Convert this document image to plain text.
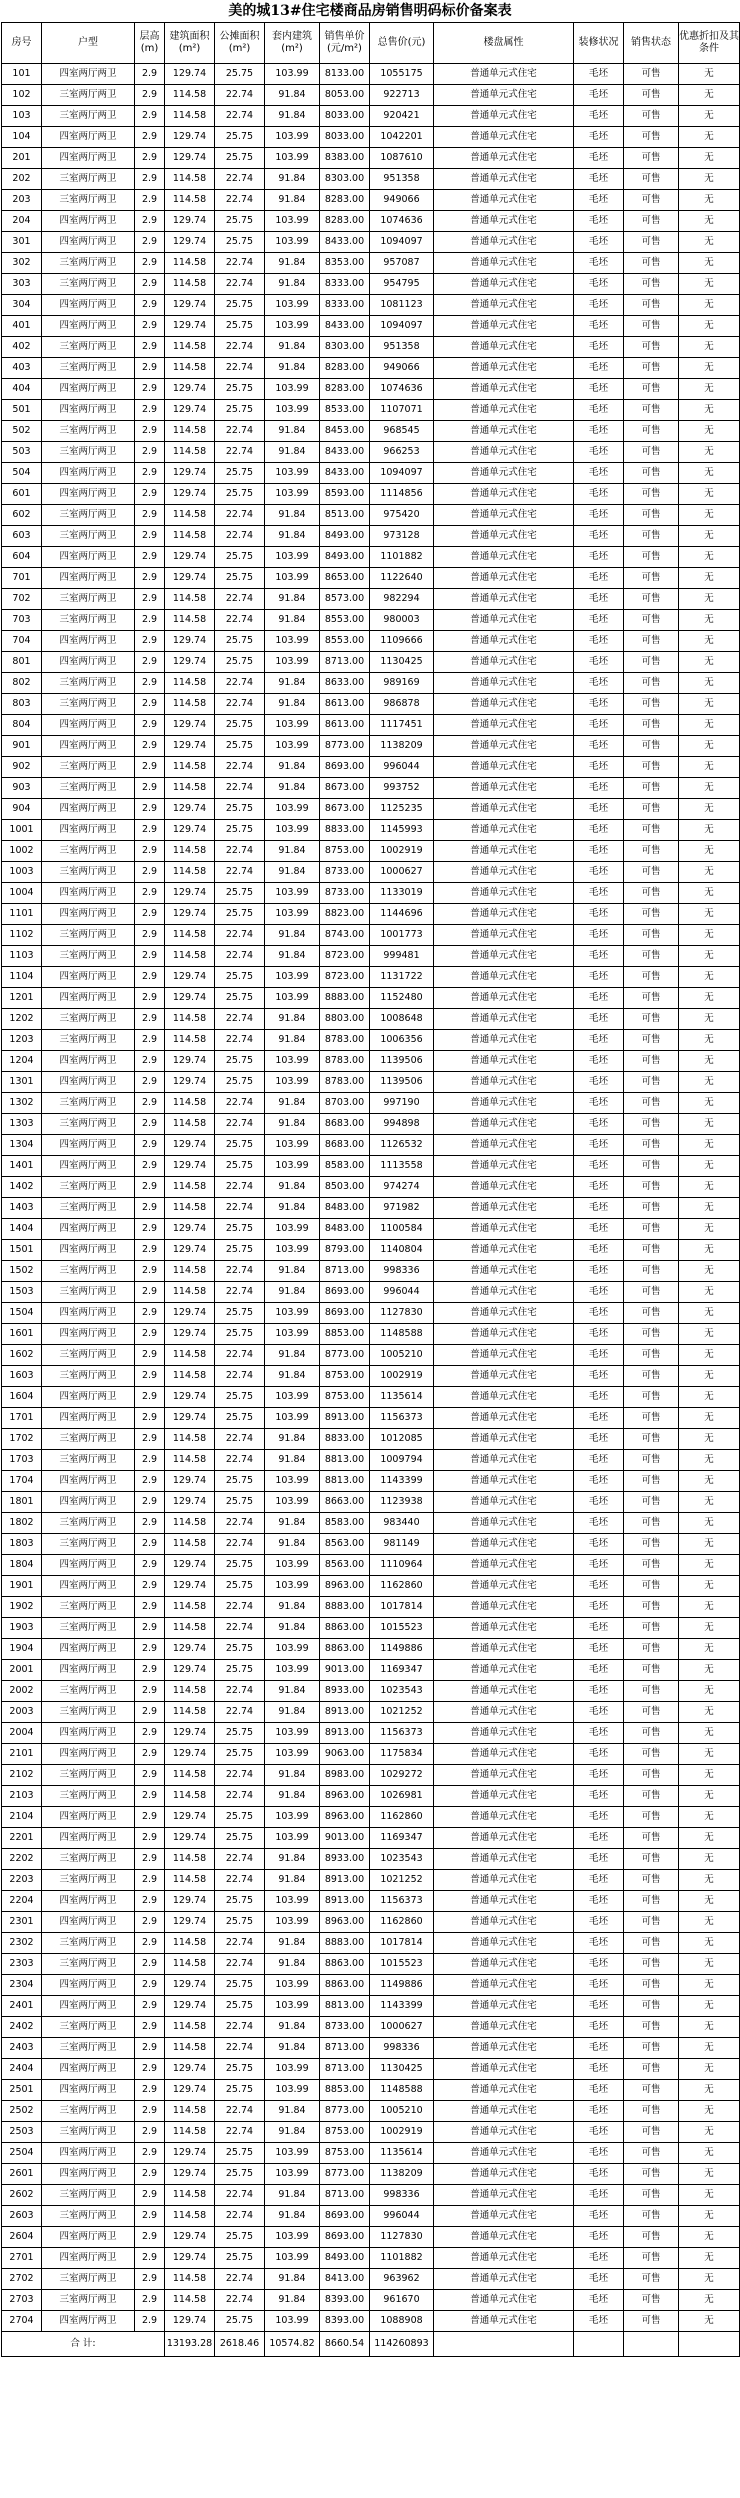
美的城13#住宅楼商品房销售明码标价备案表
房号	户型	层高(m)	建筑面积(m²)	公摊面积(m²)	套内建筑(m²)	销售单价(元/m²)	总售价(元)	楼盘属性	装修状况	销售状态	优惠折扣及其条件
101	四室两厅两卫	2.9	129.74	25.75	103.99	8133.00	1055175	普通单元式住宅	毛坯	可售	无
102	三室两厅两卫	2.9	114.58	22.74	91.84	8053.00	922713	普通单元式住宅	毛坯	可售	无
103	三室两厅两卫	2.9	114.58	22.74	91.84	8033.00	920421	普通单元式住宅	毛坯	可售	无
104	四室两厅两卫	2.9	129.74	25.75	103.99	8033.00	1042201	普通单元式住宅	毛坯	可售	无
201	四室两厅两卫	2.9	129.74	25.75	103.99	8383.00	1087610	普通单元式住宅	毛坯	可售	无
202	三室两厅两卫	2.9	114.58	22.74	91.84	8303.00	951358	普通单元式住宅	毛坯	可售	无
203	三室两厅两卫	2.9	114.58	22.74	91.84	8283.00	949066	普通单元式住宅	毛坯	可售	无
204	四室两厅两卫	2.9	129.74	25.75	103.99	8283.00	1074636	普通单元式住宅	毛坯	可售	无
301	四室两厅两卫	2.9	129.74	25.75	103.99	8433.00	1094097	普通单元式住宅	毛坯	可售	无
302	三室两厅两卫	2.9	114.58	22.74	91.84	8353.00	957087	普通单元式住宅	毛坯	可售	无
303	三室两厅两卫	2.9	114.58	22.74	91.84	8333.00	954795	普通单元式住宅	毛坯	可售	无
304	四室两厅两卫	2.9	129.74	25.75	103.99	8333.00	1081123	普通单元式住宅	毛坯	可售	无
401	四室两厅两卫	2.9	129.74	25.75	103.99	8433.00	1094097	普通单元式住宅	毛坯	可售	无
402	三室两厅两卫	2.9	114.58	22.74	91.84	8303.00	951358	普通单元式住宅	毛坯	可售	无
403	三室两厅两卫	2.9	114.58	22.74	91.84	8283.00	949066	普通单元式住宅	毛坯	可售	无
404	四室两厅两卫	2.9	129.74	25.75	103.99	8283.00	1074636	普通单元式住宅	毛坯	可售	无
501	四室两厅两卫	2.9	129.74	25.75	103.99	8533.00	1107071	普通单元式住宅	毛坯	可售	无
502	三室两厅两卫	2.9	114.58	22.74	91.84	8453.00	968545	普通单元式住宅	毛坯	可售	无
503	三室两厅两卫	2.9	114.58	22.74	91.84	8433.00	966253	普通单元式住宅	毛坯	可售	无
504	四室两厅两卫	2.9	129.74	25.75	103.99	8433.00	1094097	普通单元式住宅	毛坯	可售	无
601	四室两厅两卫	2.9	129.74	25.75	103.99	8593.00	1114856	普通单元式住宅	毛坯	可售	无
602	三室两厅两卫	2.9	114.58	22.74	91.84	8513.00	975420	普通单元式住宅	毛坯	可售	无
603	三室两厅两卫	2.9	114.58	22.74	91.84	8493.00	973128	普通单元式住宅	毛坯	可售	无
604	四室两厅两卫	2.9	129.74	25.75	103.99	8493.00	1101882	普通单元式住宅	毛坯	可售	无
701	四室两厅两卫	2.9	129.74	25.75	103.99	8653.00	1122640	普通单元式住宅	毛坯	可售	无
702	三室两厅两卫	2.9	114.58	22.74	91.84	8573.00	982294	普通单元式住宅	毛坯	可售	无
703	三室两厅两卫	2.9	114.58	22.74	91.84	8553.00	980003	普通单元式住宅	毛坯	可售	无
704	四室两厅两卫	2.9	129.74	25.75	103.99	8553.00	1109666	普通单元式住宅	毛坯	可售	无
801	四室两厅两卫	2.9	129.74	25.75	103.99	8713.00	1130425	普通单元式住宅	毛坯	可售	无
802	三室两厅两卫	2.9	114.58	22.74	91.84	8633.00	989169	普通单元式住宅	毛坯	可售	无
803	三室两厅两卫	2.9	114.58	22.74	91.84	8613.00	986878	普通单元式住宅	毛坯	可售	无
804	四室两厅两卫	2.9	129.74	25.75	103.99	8613.00	1117451	普通单元式住宅	毛坯	可售	无
901	四室两厅两卫	2.9	129.74	25.75	103.99	8773.00	1138209	普通单元式住宅	毛坯	可售	无
902	三室两厅两卫	2.9	114.58	22.74	91.84	8693.00	996044	普通单元式住宅	毛坯	可售	无
903	三室两厅两卫	2.9	114.58	22.74	91.84	8673.00	993752	普通单元式住宅	毛坯	可售	无
904	四室两厅两卫	2.9	129.74	25.75	103.99	8673.00	1125235	普通单元式住宅	毛坯	可售	无
1001	四室两厅两卫	2.9	129.74	25.75	103.99	8833.00	1145993	普通单元式住宅	毛坯	可售	无
1002	三室两厅两卫	2.9	114.58	22.74	91.84	8753.00	1002919	普通单元式住宅	毛坯	可售	无
1003	三室两厅两卫	2.9	114.58	22.74	91.84	8733.00	1000627	普通单元式住宅	毛坯	可售	无
1004	四室两厅两卫	2.9	129.74	25.75	103.99	8733.00	1133019	普通单元式住宅	毛坯	可售	无
1101	四室两厅两卫	2.9	129.74	25.75	103.99	8823.00	1144696	普通单元式住宅	毛坯	可售	无
1102	三室两厅两卫	2.9	114.58	22.74	91.84	8743.00	1001773	普通单元式住宅	毛坯	可售	无
1103	三室两厅两卫	2.9	114.58	22.74	91.84	8723.00	999481	普通单元式住宅	毛坯	可售	无
1104	四室两厅两卫	2.9	129.74	25.75	103.99	8723.00	1131722	普通单元式住宅	毛坯	可售	无
1201	四室两厅两卫	2.9	129.74	25.75	103.99	8883.00	1152480	普通单元式住宅	毛坯	可售	无
1202	三室两厅两卫	2.9	114.58	22.74	91.84	8803.00	1008648	普通单元式住宅	毛坯	可售	无
1203	三室两厅两卫	2.9	114.58	22.74	91.84	8783.00	1006356	普通单元式住宅	毛坯	可售	无
1204	四室两厅两卫	2.9	129.74	25.75	103.99	8783.00	1139506	普通单元式住宅	毛坯	可售	无
1301	四室两厅两卫	2.9	129.74	25.75	103.99	8783.00	1139506	普通单元式住宅	毛坯	可售	无
1302	三室两厅两卫	2.9	114.58	22.74	91.84	8703.00	997190	普通单元式住宅	毛坯	可售	无
1303	三室两厅两卫	2.9	114.58	22.74	91.84	8683.00	994898	普通单元式住宅	毛坯	可售	无
1304	四室两厅两卫	2.9	129.74	25.75	103.99	8683.00	1126532	普通单元式住宅	毛坯	可售	无
1401	四室两厅两卫	2.9	129.74	25.75	103.99	8583.00	1113558	普通单元式住宅	毛坯	可售	无
1402	三室两厅两卫	2.9	114.58	22.74	91.84	8503.00	974274	普通单元式住宅	毛坯	可售	无
1403	三室两厅两卫	2.9	114.58	22.74	91.84	8483.00	971982	普通单元式住宅	毛坯	可售	无
1404	四室两厅两卫	2.9	129.74	25.75	103.99	8483.00	1100584	普通单元式住宅	毛坯	可售	无
1501	四室两厅两卫	2.9	129.74	25.75	103.99	8793.00	1140804	普通单元式住宅	毛坯	可售	无
1502	三室两厅两卫	2.9	114.58	22.74	91.84	8713.00	998336	普通单元式住宅	毛坯	可售	无
1503	三室两厅两卫	2.9	114.58	22.74	91.84	8693.00	996044	普通单元式住宅	毛坯	可售	无
1504	四室两厅两卫	2.9	129.74	25.75	103.99	8693.00	1127830	普通单元式住宅	毛坯	可售	无
1601	四室两厅两卫	2.9	129.74	25.75	103.99	8853.00	1148588	普通单元式住宅	毛坯	可售	无
1602	三室两厅两卫	2.9	114.58	22.74	91.84	8773.00	1005210	普通单元式住宅	毛坯	可售	无
1603	三室两厅两卫	2.9	114.58	22.74	91.84	8753.00	1002919	普通单元式住宅	毛坯	可售	无
1604	四室两厅两卫	2.9	129.74	25.75	103.99	8753.00	1135614	普通单元式住宅	毛坯	可售	无
1701	四室两厅两卫	2.9	129.74	25.75	103.99	8913.00	1156373	普通单元式住宅	毛坯	可售	无
1702	三室两厅两卫	2.9	114.58	22.74	91.84	8833.00	1012085	普通单元式住宅	毛坯	可售	无
1703	三室两厅两卫	2.9	114.58	22.74	91.84	8813.00	1009794	普通单元式住宅	毛坯	可售	无
1704	四室两厅两卫	2.9	129.74	25.75	103.99	8813.00	1143399	普通单元式住宅	毛坯	可售	无
1801	四室两厅两卫	2.9	129.74	25.75	103.99	8663.00	1123938	普通单元式住宅	毛坯	可售	无
1802	三室两厅两卫	2.9	114.58	22.74	91.84	8583.00	983440	普通单元式住宅	毛坯	可售	无
1803	三室两厅两卫	2.9	114.58	22.74	91.84	8563.00	981149	普通单元式住宅	毛坯	可售	无
1804	四室两厅两卫	2.9	129.74	25.75	103.99	8563.00	1110964	普通单元式住宅	毛坯	可售	无
1901	四室两厅两卫	2.9	129.74	25.75	103.99	8963.00	1162860	普通单元式住宅	毛坯	可售	无
1902	三室两厅两卫	2.9	114.58	22.74	91.84	8883.00	1017814	普通单元式住宅	毛坯	可售	无
1903	三室两厅两卫	2.9	114.58	22.74	91.84	8863.00	1015523	普通单元式住宅	毛坯	可售	无
1904	四室两厅两卫	2.9	129.74	25.75	103.99	8863.00	1149886	普通单元式住宅	毛坯	可售	无
2001	四室两厅两卫	2.9	129.74	25.75	103.99	9013.00	1169347	普通单元式住宅	毛坯	可售	无
2002	三室两厅两卫	2.9	114.58	22.74	91.84	8933.00	1023543	普通单元式住宅	毛坯	可售	无
2003	三室两厅两卫	2.9	114.58	22.74	91.84	8913.00	1021252	普通单元式住宅	毛坯	可售	无
2004	四室两厅两卫	2.9	129.74	25.75	103.99	8913.00	1156373	普通单元式住宅	毛坯	可售	无
2101	四室两厅两卫	2.9	129.74	25.75	103.99	9063.00	1175834	普通单元式住宅	毛坯	可售	无
2102	三室两厅两卫	2.9	114.58	22.74	91.84	8983.00	1029272	普通单元式住宅	毛坯	可售	无
2103	三室两厅两卫	2.9	114.58	22.74	91.84	8963.00	1026981	普通单元式住宅	毛坯	可售	无
2104	四室两厅两卫	2.9	129.74	25.75	103.99	8963.00	1162860	普通单元式住宅	毛坯	可售	无
2201	四室两厅两卫	2.9	129.74	25.75	103.99	9013.00	1169347	普通单元式住宅	毛坯	可售	无
2202	三室两厅两卫	2.9	114.58	22.74	91.84	8933.00	1023543	普通单元式住宅	毛坯	可售	无
2203	三室两厅两卫	2.9	114.58	22.74	91.84	8913.00	1021252	普通单元式住宅	毛坯	可售	无
2204	四室两厅两卫	2.9	129.74	25.75	103.99	8913.00	1156373	普通单元式住宅	毛坯	可售	无
2301	四室两厅两卫	2.9	129.74	25.75	103.99	8963.00	1162860	普通单元式住宅	毛坯	可售	无
2302	三室两厅两卫	2.9	114.58	22.74	91.84	8883.00	1017814	普通单元式住宅	毛坯	可售	无
2303	三室两厅两卫	2.9	114.58	22.74	91.84	8863.00	1015523	普通单元式住宅	毛坯	可售	无
2304	四室两厅两卫	2.9	129.74	25.75	103.99	8863.00	1149886	普通单元式住宅	毛坯	可售	无
2401	四室两厅两卫	2.9	129.74	25.75	103.99	8813.00	1143399	普通单元式住宅	毛坯	可售	无
2402	三室两厅两卫	2.9	114.58	22.74	91.84	8733.00	1000627	普通单元式住宅	毛坯	可售	无
2403	三室两厅两卫	2.9	114.58	22.74	91.84	8713.00	998336	普通单元式住宅	毛坯	可售	无
2404	四室两厅两卫	2.9	129.74	25.75	103.99	8713.00	1130425	普通单元式住宅	毛坯	可售	无
2501	四室两厅两卫	2.9	129.74	25.75	103.99	8853.00	1148588	普通单元式住宅	毛坯	可售	无
2502	三室两厅两卫	2.9	114.58	22.74	91.84	8773.00	1005210	普通单元式住宅	毛坯	可售	无
2503	三室两厅两卫	2.9	114.58	22.74	91.84	8753.00	1002919	普通单元式住宅	毛坯	可售	无
2504	四室两厅两卫	2.9	129.74	25.75	103.99	8753.00	1135614	普通单元式住宅	毛坯	可售	无
2601	四室两厅两卫	2.9	129.74	25.75	103.99	8773.00	1138209	普通单元式住宅	毛坯	可售	无
2602	三室两厅两卫	2.9	114.58	22.74	91.84	8713.00	998336	普通单元式住宅	毛坯	可售	无
2603	三室两厅两卫	2.9	114.58	22.74	91.84	8693.00	996044	普通单元式住宅	毛坯	可售	无
2604	四室两厅两卫	2.9	129.74	25.75	103.99	8693.00	1127830	普通单元式住宅	毛坯	可售	无
2701	四室两厅两卫	2.9	129.74	25.75	103.99	8493.00	1101882	普通单元式住宅	毛坯	可售	无
2702	三室两厅两卫	2.9	114.58	22.74	91.84	8413.00	963962	普通单元式住宅	毛坯	可售	无
2703	三室两厅两卫	2.9	114.58	22.74	91.84	8393.00	961670	普通单元式住宅	毛坯	可售	无
2704	四室两厅两卫	2.9	129.74	25.75	103.99	8393.00	1088908	普通单元式住宅	毛坯	可售	无
合 计:			13193.28	2618.46	10574.82	8660.54	114260893				
